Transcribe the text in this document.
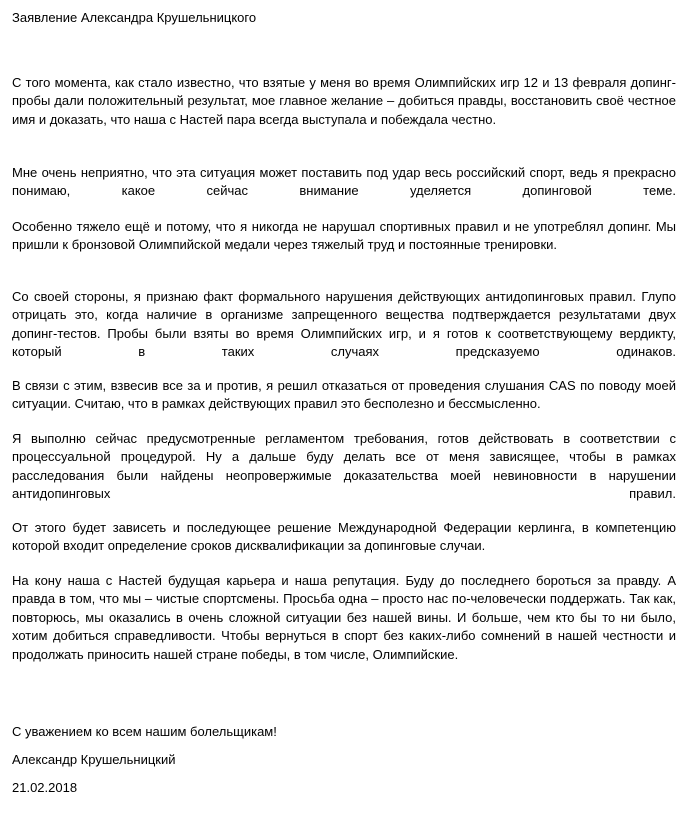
Заявление Александра Крушельницкого
С того момента, как стало известно, что взятые у меня во время Олимпийских игр 12 и 13 февраля допинг-пробы дали положительный результат, мое главное желание – добиться правды, восстановить своё честное имя и доказать, что наша с Настей пара всегда выступала и побеждала честно.
Мне очень неприятно, что эта ситуация может поставить под удар весь российский спорт, ведь я прекрасно понимаю, какое сейчас внимание уделяется допинговой теме.
Особенно тяжело ещё и потому, что я никогда не нарушал спортивных правил и не употреблял допинг. Мы пришли к бронзовой Олимпийской медали через тяжелый труд и постоянные тренировки.
Со своей стороны, я признаю факт формального нарушения действующих антидопинговых правил. Глупо отрицать это, когда наличие в организме запрещенного вещества подтверждается результатами двух допинг-тестов. Пробы были взяты во время Олимпийских игр, и я готов к соответствующему вердикту, который в таких случаях предсказуемо одинаков.
В связи с этим, взвесив все за и против, я решил отказаться от проведения слушания CAS по поводу моей ситуации. Считаю, что в рамках действующих правил это бесполезно и бессмысленно.
Я выполню сейчас предусмотренные регламентом требования, готов действовать в соответствии с процессуальной процедурой. Ну а дальше буду делать все от меня зависящее, чтобы в рамках расследования были найдены неопровержимые доказательства моей невиновности в нарушении антидопинговых правил.
От этого будет зависеть и последующее решение Международной Федерации керлинга, в компетенцию которой входит определение сроков дисквалификации за допинговые случаи.
На кону наша с Настей будущая карьера и наша репутация. Буду до последнего бороться за правду. А правда в том, что мы – чистые спортсмены. Просьба одна – просто нас по-человечески поддержать. Так как, повторюсь, мы оказались в очень сложной ситуации без нашей вины. И больше, чем кто бы то ни было, хотим добиться справедливости. Чтобы вернуться в спорт без каких-либо сомнений в нашей честности и продолжать приносить нашей стране победы, в том числе, Олимпийские.
С уважением ко всем нашим болельщикам!
Александр Крушельницкий
21.02.2018
